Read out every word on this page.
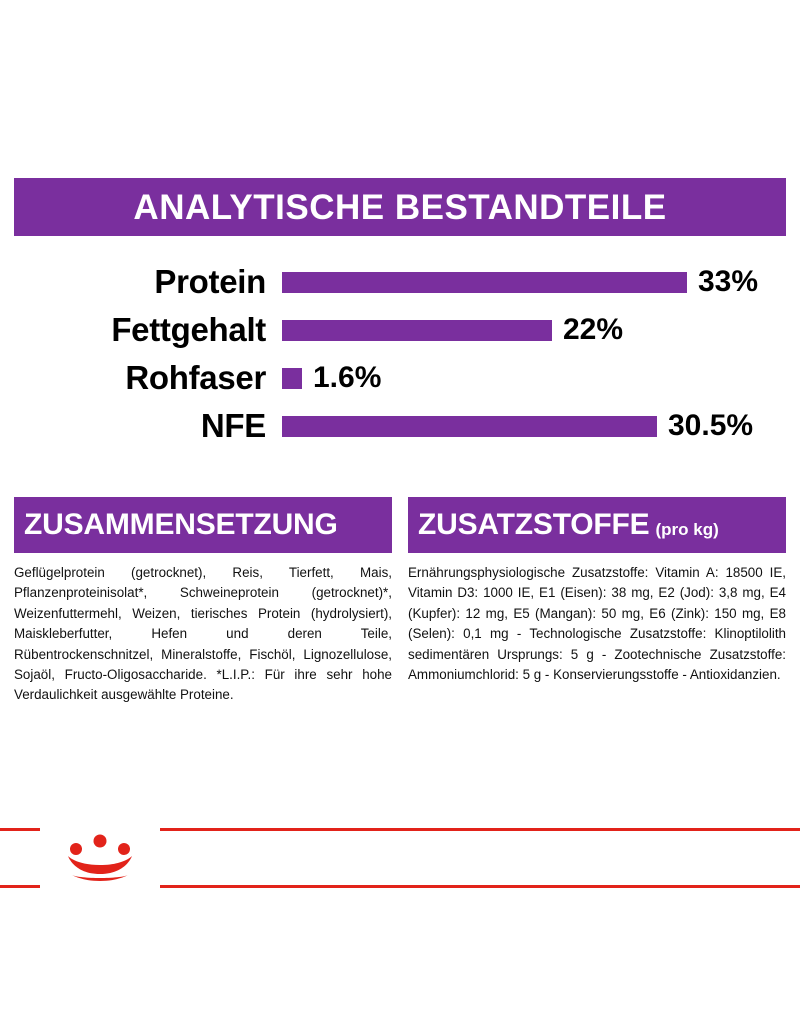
ANALYTISCHE BESTANDTEILE
Protein	33%
Fettgehalt	22%
Rohfaser	1.6%
NFE	30.5%
ZUSAMMENSETZUNG
Geflügelprotein (getrocknet), Reis, Tierfett, Mais, Pflanzenproteinisolat*, Schweineprotein (getrocknet)*, Weizenfuttermehl, Weizen, tierisches Protein (hydrolysiert), Maiskleberfutter, Hefen und deren Teile, Rübentrockenschnitzel, Mineralstoffe, Fischöl, Lignozellulose, Sojaöl, Fructo-Oligosaccharide. *L.I.P.: Für ihre sehr hohe Verdaulichkeit ausgewählte Proteine.
ZUSATZSTOFFE (pro kg)
Ernährungsphysiologische Zusatzstoffe: Vitamin A: 18500 IE, Vitamin D3: 1000 IE, E1 (Eisen): 38 mg, E2 (Jod): 3,8 mg, E4 (Kupfer): 12 mg, E5 (Mangan): 50 mg, E6 (Zink): 150 mg, E8 (Selen): 0,1 mg - Technologische Zusatzstoffe: Klinoptilolith sedimentären Ursprungs: 5 g - Zootechnische Zusatzstoffe: Ammoniumchlorid: 5 g - Konservierungsstoffe - Antioxidanzien.
